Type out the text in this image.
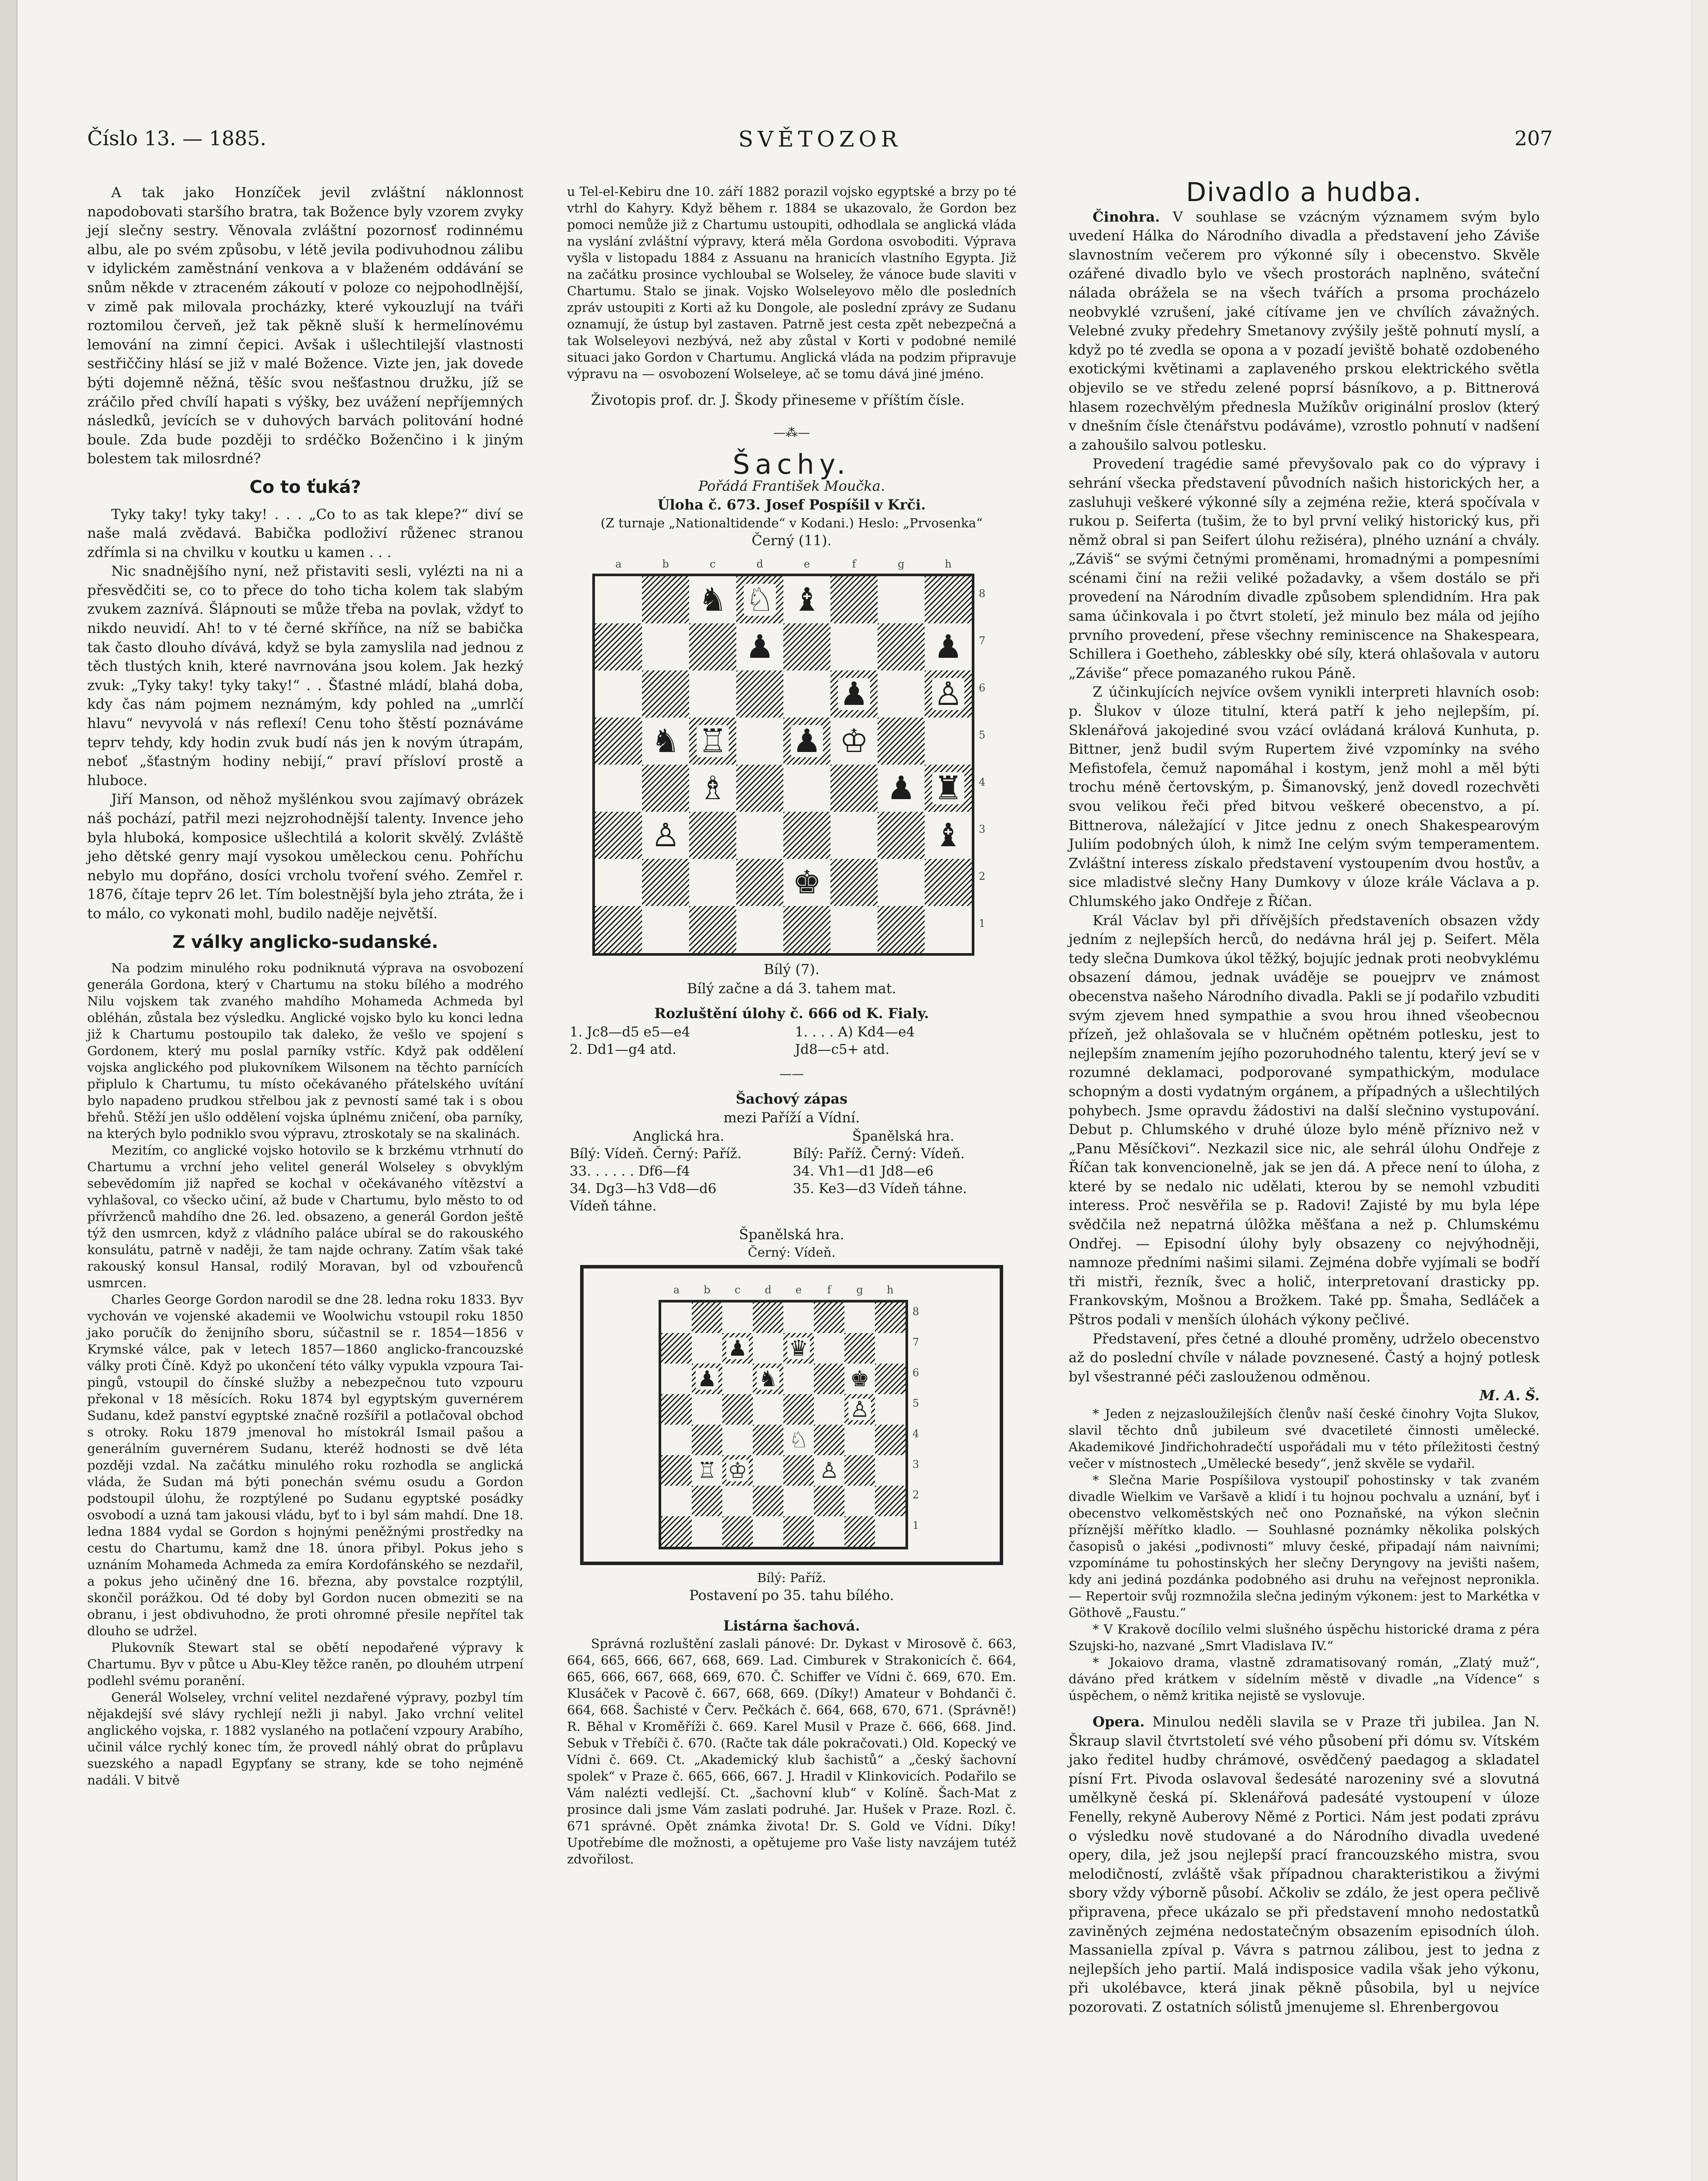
Číslo 13. — 1885.	SVĚTOZOR	207

A tak jako Honzíček jevil zvláštní náklonnost napodobovati staršího bratra, tak Božence byly vzorem zvyky její slečny sestry. Věnovala zvláštní pozornosť rodinnému albu, ale po svém způsobu, v létě jevila podivuhodnou zálibu v idylickém zaměstnání venkova a v blaženém oddávání se snům někde v ztraceném zákoutí v poloze co nejpohodlnější, v zimě pak milovala procházky, které vykouzlují na tváři roztomilou červeň, jež tak pěkně sluší k hermelínovému lemování na zimní čepici. Avšak i ušlechtilejší vlastnosti sestřiččiny hlásí se již v malé Božence. Vizte jen, jak dovede býti dojemně něžná, těšíc svou nešťastnou družku, jíž se zráčilo před chvílí hapati s výšky, bez uvážení nepříjemných následků, jevících se v duhových barvách politování hodné boule. Zda bude později to srdéčko Boženčino i k jiným bolestem tak milosrdné?

Co to ťuká?

Tyky taky! tyky taky! . . . „Co to as tak klepe?“ diví se naše malá zvědavá. Babička podloživí růženec stranou zdřímla si na chvilku v koutku u kamen . . .

Nic snadnějšího nyní, než přistaviti sesli, vylézti na ni a přesvědčiti se, co to přece do toho ticha kolem tak slabým zvukem zaznívá. Šlápnouti se může třeba na povlak, vždyť to nikdo neuvidí. Ah! to v té černé skříňce, na níž se babička tak často dlouho dívává, když se byla zamyslila nad jednou z těch tlustých knih, které navrnována jsou kolem. Jak hezký zvuk: „Tyky taky! tyky taky!“ . . Šťastné mládí, blahá doba, kdy čas nám pojmem neznámým, kdy pohled na „umrlčí hlavu“ nevyvolá v nás reflexí! Cenu toho štěstí poznáváme teprv tehdy, kdy hodin zvuk budí nás jen k novým útrapám, neboť „šťastným hodiny nebijí,“ praví přísloví prostě a hluboce.

Jiří Manson, od něhož myšlénkou svou zajímavý obrázek náš pochází, patřil mezi nejzrohodnější talenty. Invence jeho byla hluboká, komposice ušlechtilá a kolorit skvělý. Zvláště jeho dětské genry mají vysokou uměleckou cenu. Pohříchu nebylo mu dopřáno, dosíci vrcholu tvoření svého. Zemřel r. 1876, čítaje teprv 26 let. Tím bolestnější byla jeho ztráta, že i to málo, co vykonati mohl, budilo naděje největší.

Z války anglicko-sudanské.

Na podzim minulého roku podniknutá výprava na osvobození generála Gordona, který v Chartumu na stoku bílého a modrého Nilu vojskem tak zvaného mahdího Mohameda Achmeda byl obléhán, zůstala bez výsledku. Anglické vojsko bylo ku konci ledna již k Chartumu postoupilo tak daleko, že vešlo ve spojení s Gordonem, který mu poslal parníky vstříc. Když pak oddělení vojska anglického pod plukovníkem Wilsonem na těchto parnících připlulo k Chartumu, tu místo očekávaného přátelského uvítání bylo napadeno prudkou střelbou jak z pevností samé tak i s obou břehů. Stěží jen ušlo oddělení vojska úplnému zničení, oba parníky, na kterých bylo podniklo svou výpravu, ztroskotaly se na skalinách.

Mezitím, co anglické vojsko hotovilo se k brzkému vtrhnutí do Chartumu a vrchní jeho velitel generál Wolseley s obvyklým sebevědomím již napřed se kochal v očekávaného vítězství a vyhlašoval, co všecko učiní, až bude v Chartumu, bylo město to od přívrženců mahdího dne 26. led. obsazeno, a generál Gordon ještě týž den usmrcen, když z vládního paláce ubíral se do rakouského konsulátu, patrně v naději, že tam najde ochrany. Zatím však také rakouský konsul Hansal, rodilý Moravan, byl od vzbouřenců usmrcen.

Charles George Gordon narodil se dne 28. ledna roku 1833. Byv vychován ve vojenské akademii ve Woolwichu vstoupil roku 1850 jako poručík do ženijního sboru, súčastnil se r. 1854—1856 v Krymské válce, pak v letech 1857—1860 anglicko-francouzské války proti Číně. Když po ukončení této války vypukla vzpoura Tai-pingů, vstoupil do čínské služby a nebezpečnou tuto vzpouru překonal v 18 měsících. Roku 1874 byl egyptským guvernérem Sudanu, kdež panství egyptské značně rozšířil a potlačoval obchod s otroky. Roku 1879 jmenoval ho místokrál Ismail pašou a generálním guvernérem Sudanu, kteréž hodnosti se dvě léta později vzdal. Na začátku minulého roku rozhodla se anglická vláda, že Sudan má býti ponechán svému osudu a Gordon podstoupil úlohu, že rozptýlené po Sudanu egyptské posádky osvobodí a uzná tam jakousi vládu, byť to i byl sám mahdí. Dne 18. ledna 1884 vydal se Gordon s hojnými peněžnými prostředky na cestu do Chartumu, kamž dne 18. února přibyl. Pokus jeho s uznáním Mohameda Achmeda za emíra Kordofánského se nezdařil, a pokus jeho učiněný dne 16. března, aby povstalce rozptýlil, skončil porážkou. Od té doby byl Gordon nucen obmeziti se na obranu, i jest obdivuhodno, že proti ohromné přesile nepřítel tak dlouho se udržel.

Plukovník Stewart stal se obětí nepodařené výpravy k Chartumu. Byv v půtce u Abu-Kley těžce raněn, po dlouhém utrpení podlehl svému poranění.

Generál Wolseley, vrchní velitel nezdařené výpravy, pozbyl tím nějakdejší své slávy rychlejí nežli ji nabyl. Jako vrchní velitel anglického vojska, r. 1882 vyslaného na potlačení vzpoury Arabího, učinil válce rychlý konec tím, že provedl náhlý obrat do průplavu suezského a napadl Egypťany se strany, kde se toho nejméně nadáli. V bitvě

u Tel-el-Kebiru dne 10. září 1882 porazil vojsko egyptské a brzy po té vtrhl do Kahyry. Když během r. 1884 se ukazovalo, že Gordon bez pomoci nemůže již z Chartumu ustoupiti, odhodlala se anglická vláda na vyslání zvláštní výpravy, která měla Gordona osvoboditi. Výprava vyšla v listopadu 1884 z Assuanu na hranicích vlastního Egypta. Již na začátku prosince vychloubal se Wolseley, že vánoce bude slaviti v Chartumu. Stalo se jinak. Vojsko Wolseleyovo mělo dle posledních zpráv ustoupiti z Korti až ku Dongole, ale poslední zprávy ze Sudanu oznamují, že ústup byl zastaven. Patrně jest cesta zpět nebezpečná a tak Wolseleyovi nezbývá, než aby zůstal v Korti v podobné nemilé situaci jako Gordon v Chartumu. Anglická vláda na podzim připravuje výpravu na — osvobození Wolseleye, ač se tomu dává jiné jméno.

Životopis prof. dr. J. Škody přineseme v příštím čísle.

—⁂—
Šachy.

Pořádá František Moučka.

Úloha č. 673. Josef Pospíšil v Krči.

(Z turnaje „Nationaltidende“ v Kodani.) Heslo: „Prvosenka“

Černý (11).

a	b	c	d	e	f	g	h
♞ ♘ ♝
♟	♟
♟ ♙
♞ ♖ ♟ ♔
♗	♟ ♜
♙	♝
♚
8
7
6
5
4
3
2
1

Bílý (7).

Bílý začne a dá 3. tahem mat.

Rozluštění úlohy č. 666 od K. Fialy.

1. Jc8—d5 e5—e4	1. . . . A) Kd4—e4
2. Dd1—g4 atd.	Jd8—c5+ atd.
——

Šachový zápas

mezi Paříží a Vídní.

Anglická hra.	Španělská hra.
Bílý: Vídeň. Černý: Paříž.	Bílý: Paříž. Černý: Vídeň.
33. . . . . . Df6—f4	34. Vh1—d1 Jd8—e6
34. Dg3—h3 Vd8—d6	35. Ke3—d3 Vídeň táhne.
Vídeň táhne.	

Španělská hra.

Černý: Vídeň.

a	b	c	d	e	f	g	h
♟ ♛
♟ ♞	♚
♙
♘
♖ ♔	♙
8
7
6
5
4
3
2
1

Bílý: Paříž.

Postavení po 35. tahu bílého.

Listárna šachová.

Správná rozluštění zaslali pánové: Dr. Dykast v Mirosově č. 663, 664, 665, 666, 667, 668, 669. Lad. Cimburek v Strakonicích č. 664, 665, 666, 667, 668, 669, 670. Č. Schiffer ve Vídni č. 669, 670. Em. Klusáček v Pacově č. 667, 668, 669. (Díky!) Amateur v Bohdanči č. 664, 668. Šachisté v Červ. Pečkách č. 664, 668, 670, 671. (Správně!) R. Běhal v Kroměříži č. 669. Karel Musil v Praze č. 666, 668. Jind. Sebuk v Třebíči č. 670. (Račte tak dále pokračovati.) Old. Kopecký ve Vídni č. 669. Ct. „Akademický klub šachistů“ a „český šachovní spolek“ v Praze č. 665, 666, 667. J. Hradil v Klinkovicích. Podařilo se Vám nalézti vedlejší. Ct. „šachovní klub“ v Kolíně. Šach-Mat z prosince dali jsme Vám zaslati podruhé. Jar. Hušek v Praze. Rozl. č. 671 správné. Opět známka života! Dr. S. Gold ve Vídni. Díky! Upotřebíme dle možnosti, a opětujeme pro Vaše listy navzájem tutéž zdvořilost.

Divadlo a hudba.

Činohra. V souhlase se vzácným významem svým bylo uvedení Hálka do Národního divadla a představení jeho Záviše slavnostním večerem pro výkonné síly i obecenstvo. Skvěle ozářené divadlo bylo ve všech prostorách naplněno, sváteční nálada obrážela se na všech tvářích a prsoma procházelo neobvyklé vzrušení, jaké cítívame jen ve chvílích závažných. Velebné zvuky předehry Smetanovy zvýšily ještě pohnutí myslí, a když po té zvedla se opona a v pozadí jeviště bohatě ozdobeného exotickými květinami a zaplaveného prskou elektrického světla objevilo se ve středu zelené poprsí básníkovo, a p. Bittnerová hlasem rozechvělým přednesla Mužíkův originální proslov (který v dnešním čísle čtenářstvu podáváme), vzrostlo pohnutí v nadšení a zahoušilo salvou potlesku.

Provedení tragédie samé převyšovalo pak co do výpravy i sehrání všecka představení původních našich historických her, a zasluhuji veškeré výkonné síly a zejména režie, která spočívala v rukou p. Seiferta (tušim, že to byl první veliký historický kus, při němž obral si pan Seifert úlohu režiséra), plného uznání a chvály. „Záviš“ se svými četnými proměnami, hromadnými a pompesními scénami činí na režii veliké požadavky, a všem dostálo se při provedení na Národním divadle způsobem splendidním. Hra pak sama účinkovala i po čtvrt století, jež minulo bez mála od jejího prvního provedení, přese všechny reminiscence na Shakespeara, Schillera i Goetheho, zábleskky obé síly, která ohlašovala v autoru „Záviše“ přece pomazaného rukou Páně.

Z účinkujících nejvíce ovšem vynikli interpreti hlavních osob: p. Šlukov v úloze titulní, která patří k jeho nejlepším, pí. Sklenářová jakojediné svou vzácí ovládaná králová Kunhuta, p. Bittner, jenž budil svým Rupertem živé vzpomínky na svého Mefistofela, čemuž napomáhal i kostym, jenž mohl a měl býti trochu méně čertovským, p. Šimanovský, jenž dovedl rozechvěti svou velikou řeči před bitvou veškeré obecenstvo, a pí. Bittnerova, náležající v Jitce jednu z onech Shakespearovým Juliím podobných úloh, k nimž Ine celým svým temperamentem. Zvláštní interess získalo představení vystoupením dvou hostův, a sice mladistvé slečny Hany Dumkovy v úloze krále Václava a p. Chlumského jako Ondřeje z Říčan.

Král Václav byl při dřívějších představeních obsazen vždy jedním z nejlepších herců, do nedávna hrál jej p. Seifert. Měla tedy slečna Dumkova úkol těžký, bojujíc jednak proti neobvyklému obsazení dámou, jednak uváděje se pouejprv ve známost obecenstva našeho Národního divadla. Pakli se jí podařilo vzbuditi svým zjevem hned sympathie a svou hrou ihned všeobecnou přízeň, jež ohlašovala se v hlučném opětném potlesku, jest to nejlepším znamením jejího pozoruhodného talentu, který jeví se v rozumné deklamaci, podporované sympathickým, modulace schopným a dosti vydatným orgánem, a případných a ušlechtilých pohybech. Jsme opravdu žádostivi na další slečnino vystupování. Debut p. Chlumského v druhé úloze bylo méně příznivo než v „Panu Měsíčkovi“. Nezkazil sice nic, ale sehrál úlohu Ondřeje z Říčan tak konvencionelně, jak se jen dá. A přece není to úloha, z které by se nedalo nic udělati, kterou by se nemohl vzbuditi interess. Proč nesvěřila se p. Radovi! Zajisté by mu byla lépe svědčila než nepatrná úlôžka měšťana a než p. Chlumskému Ondřej. — Episodní úlohy byly obsazeny co nejvýhodněji, namnoze předními našimi silami. Zejména dobře vyjímali se bodří tři mistři, řezník, švec a holič, interpretovaní drasticky pp. Frankovským, Mošnou a Brožkem. Také pp. Šmaha, Sedláček a Pštros podali v menších úlohách výkony pečlivé.

Představení, přes četné a dlouhé proměny, udrželo obecenstvo až do poslední chvíle v nálade povznesené. Častý a hojný potlesk byl všestranné péči zaslouženou odměnou.

M. A. Š.

* Jeden z nejzasloužilejších členův naší české činohry Vojta Slukov, slavil těchto dnů jubileum své dvacetileté činnosti umělecké. Akademikové Jindřichohradečtí uspořádali mu v této příležitosti čestný večer v místnostech „Umělecké besedy“, jenž skvěle se vydařil.

* Slečna Marie Pospíšilova vystoupiľ pohostinsky v tak zvaném divadle Wielkim ve Varšavě a klidí i tu hojnou pochvalu a uznání, byť i obecenstvo velkoměstských neč ono Poznaňské, na výkon slečnin příznější měřítko kladlo. — Souhlasné poznámky několika polských časopisů o jakési „podivnosti“ mluvy české, připadají nám naivními; vzpomínáme tu pohostinských her slečny Deryngovy na jevišti našem, kdy ani jediná pozdánka podobného asi druhu na veřejnost nepronikla. — Repertoir svůj rozmnožila slečna jediným výkonem: jest to Markétka v Göthově „Faustu.“

* V Krakově docílilo velmi slušného úspěchu historické drama z péra Szujski-ho, nazvané „Smrt Vladislava IV.“

* Jokaiovo drama, vlastně zdramatisovaný román, „Zlatý muž“, dáváno před krátkem v sídelním městě v divadle „na Vídence“ s úspěchem, o němž kritika nejistě se vyslovuje.

Opera. Minulou neděli slavila se v Praze tři jubilea. Jan N. Škraup slavil čtvrtstoletí své vého působení při dómu sv. Vítském jako ředitel hudby chrámové, osvědčený paedagog a skladatel písní Frt. Pivoda oslavoval šedesáté narozeniny své a slovutná umělkyně česká pí. Sklenářová padesáté vystoupení v úloze Fenelly, rekyně Auberovy Němé z Portici. Nám jest podati zprávu o výsledku nově studované a do Národního divadla uvedené opery, dila, jež jsou nejlepší prací francouzského mistra, svou melodičností, zvláště však případnou charakteristikou a živými sbory vždy výborně působí. Ačkoliv se zdálo, že jest opera pečlivě připravena, přece ukázalo se při představení mnoho nedostatků zaviněných zejména nedostatečným obsazením episodních úloh. Massaniella zpíval p. Vávra s patrnou zálibou, jest to jedna z nejlepších jeho partií. Malá indisposice vadila však jeho výkonu, při ukolébavce, která jinak pěkně působila, byl u nejvíce pozorovati. Z ostatních sólistů jmenujeme sl. Ehrenbergovou
